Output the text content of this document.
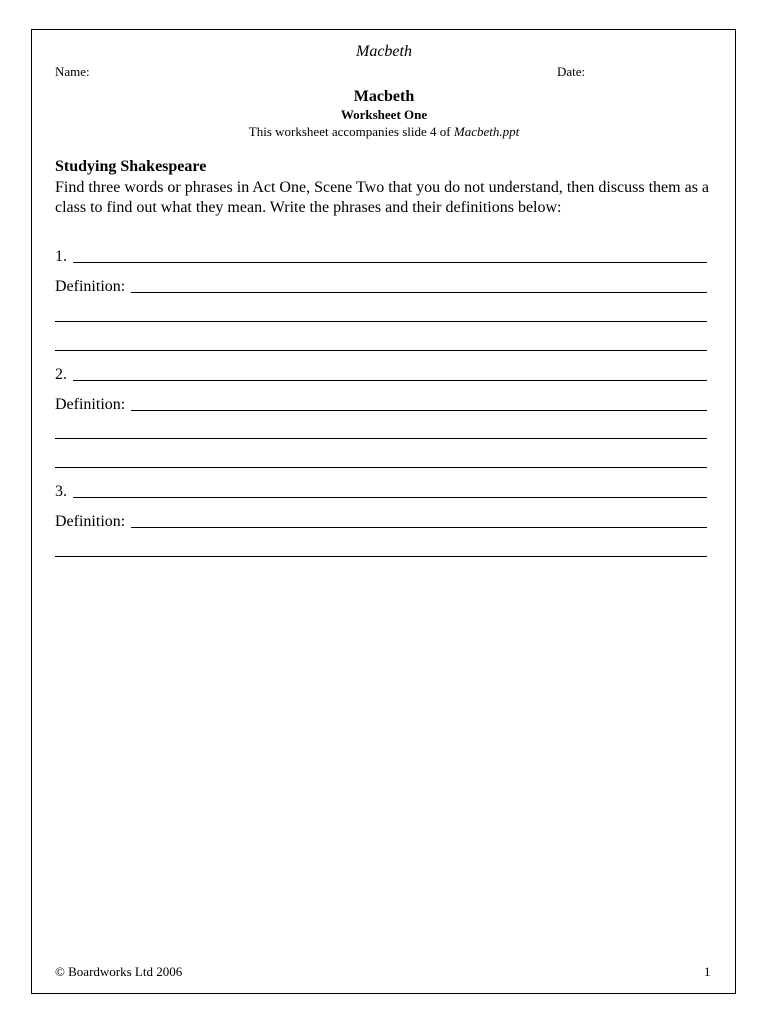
Macbeth
Name:	Date:
Macbeth
Worksheet One
This worksheet accompanies slide 4 of Macbeth.ppt
Studying Shakespeare
Find three words or phrases in Act One, Scene Two that you do not understand, then discuss them as a class to find out what they mean. Write the phrases and their definitions below:
1.

Definition:

2.

Definition:

3.

Definition:

© Boardworks Ltd 2006	1
